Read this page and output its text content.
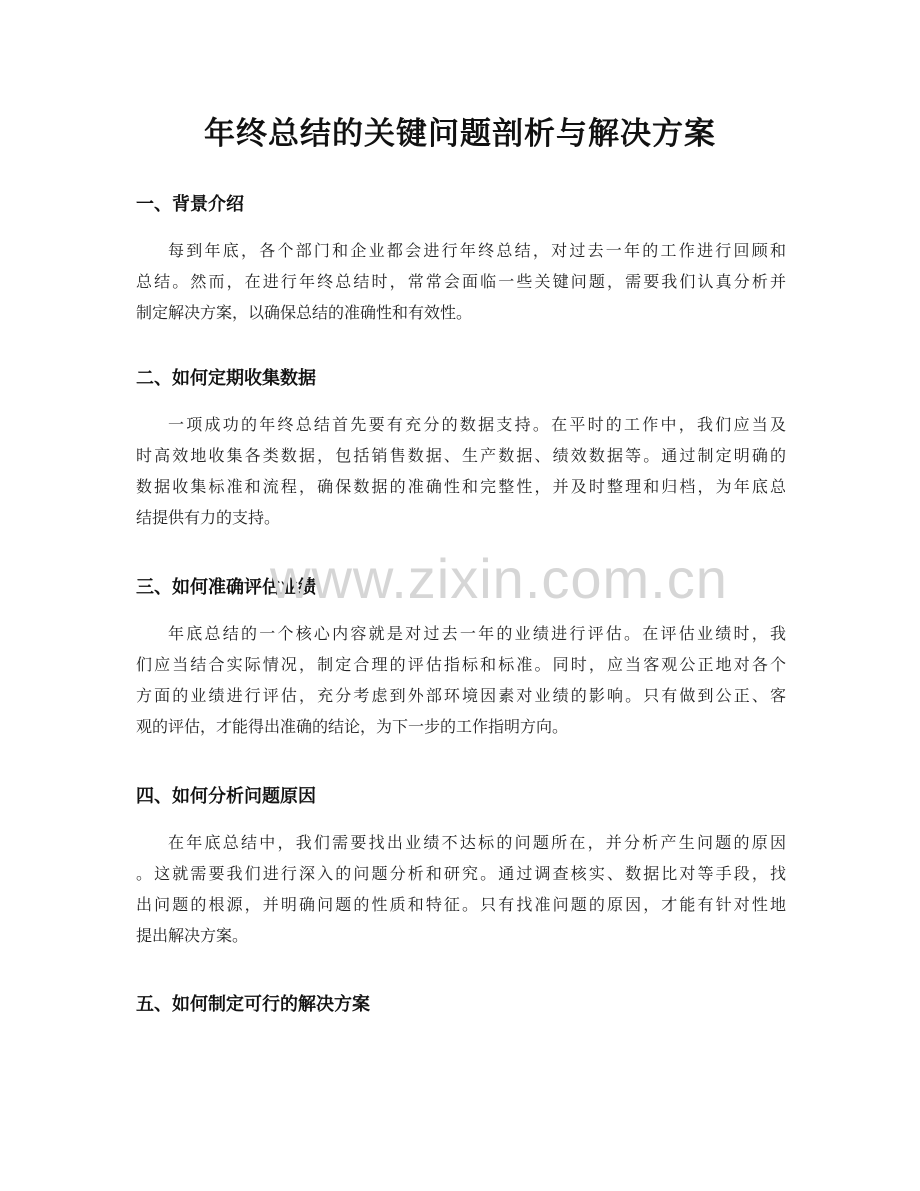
年终总结的关键问题剖析与解决方案
一、背景介绍

每到年底，各个部门和企业都会进行年终总结，对过去一年的工作进行回顾和
总结。然而，在进行年终总结时，常常会面临一些关键问题，需要我们认真分析并
制定解决方案，以确保总结的准确性和有效性。

二、如何定期收集数据

一项成功的年终总结首先要有充分的数据支持。在平时的工作中，我们应当及
时高效地收集各类数据，包括销售数据、生产数据、绩效数据等。通过制定明确的
数据收集标准和流程，确保数据的准确性和完整性，并及时整理和归档，为年底总
结提供有力的支持。

三、如何准确评估业绩

年底总结的一个核心内容就是对过去一年的业绩进行评估。在评估业绩时，我
们应当结合实际情况，制定合理的评估指标和标准。同时，应当客观公正地对各个
方面的业绩进行评估，充分考虑到外部环境因素对业绩的影响。只有做到公正、客
观的评估，才能得出准确的结论，为下一步的工作指明方向。

四、如何分析问题原因

在年底总结中，我们需要找出业绩不达标的问题所在，并分析产生问题的原因
。这就需要我们进行深入的问题分析和研究。通过调查核实、数据比对等手段，找
出问题的根源，并明确问题的性质和特征。只有找准问题的原因，才能有针对性地
提出解决方案。

五、如何制定可行的解决方案
www.zixin.com.cn
